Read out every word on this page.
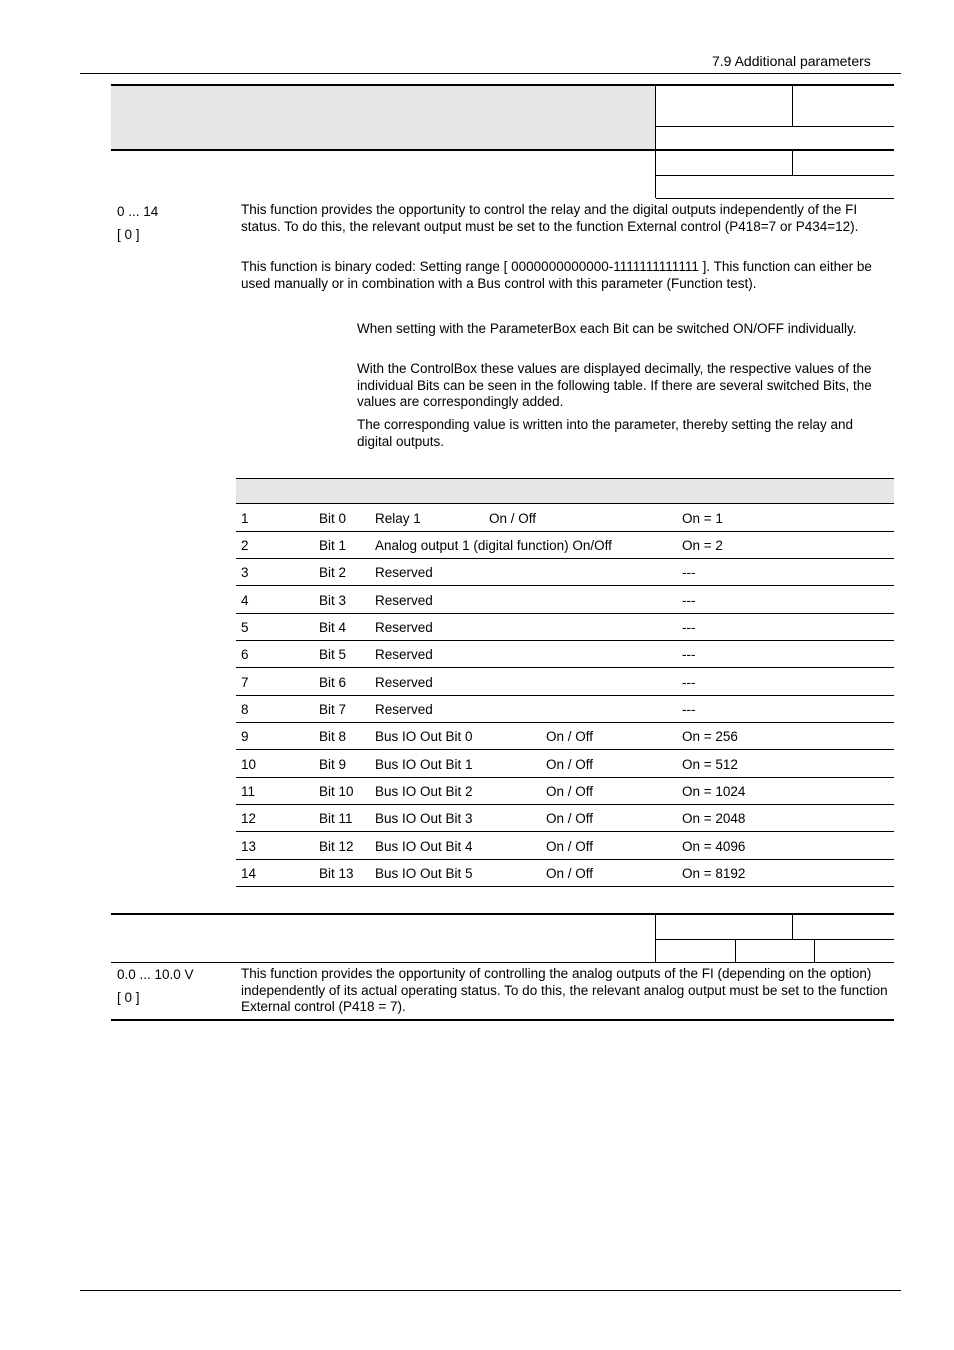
7.9 Additional parameters
0 ... 14
[ 0 ]
This function provides the opportunity to control the relay and the digital outputs independently of the FI status. To do this, the relevant output must be set to the function External control (P418=7 or P434=12).
This function is binary coded: Setting range [ 0000000000000-1111111111111 ]. This function can either be used manually or in combination with a Bus control with this parameter (Function test).
When setting with the ParameterBox each Bit can be switched ON/OFF individually.
With the ControlBox these values are displayed decimally, the respective values of the individual Bits can be seen in the following table. If there are several switched Bits, the values are correspondingly added.
The corresponding value is written into the parameter, thereby setting the relay and digital outputs.
1	Bit 0 Relay 1	On / Off	On = 1
2	Bit 1 Analog output 1 (digital function) On/Off	On = 2
3	Bit 2 Reserved	---
4	Bit 3 Reserved	---
5	Bit 4 Reserved	---
6	Bit 5 Reserved	---
7	Bit 6 Reserved	---
8	Bit 7 Reserved	---
9	Bit 8 Bus IO Out Bit 0	On / Off	On = 256
10	Bit 9 Bus IO Out Bit 1	On / Off	On = 512
11	Bit 10 Bus IO Out Bit 2	On / Off	On = 1024
12	Bit 11 Bus IO Out Bit 3	On / Off	On = 2048
13	Bit 12 Bus IO Out Bit 4	On / Off	On = 4096
14	Bit 13 Bus IO Out Bit 5	On / Off	On = 8192
0.0 ... 10.0 V
[ 0 ]
This function provides the opportunity of controlling the analog outputs of the FI (depending on the option) independently of its actual operating status. To do this, the relevant analog output must be set to the function External control (P418 = 7).
